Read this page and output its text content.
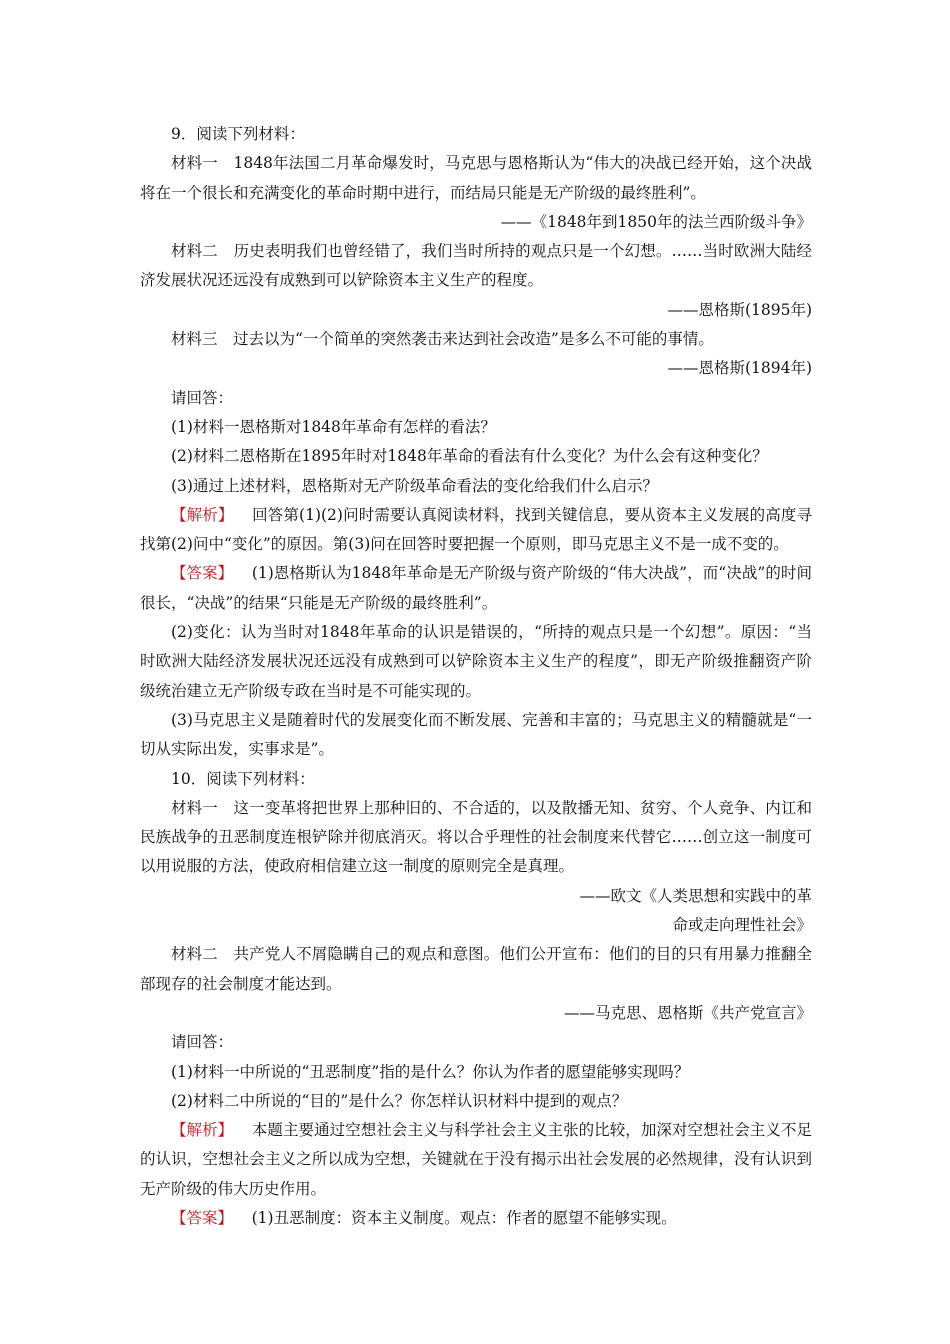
9．阅读下列材料：

材料一　1848年法国二月革命爆发时，马克思与恩格斯认为“伟大的决战已经开始，这个决战将在一个很长和充满变化的革命时期中进行，而结局只能是无产阶级的最终胜利”。

——《1848年到1850年的法兰西阶级斗争》

材料二　历史表明我们也曾经错了，我们当时所持的观点只是一个幻想。……当时欧洲大陆经济发展状况还远没有成熟到可以铲除资本主义生产的程度。

——恩格斯(1895年)

材料三　过去以为“一个简单的突然袭击来达到社会改造”是多么不可能的事情。

——恩格斯(1894年)

请回答：

(1)材料一恩格斯对1848年革命有怎样的看法？

(2)材料二恩格斯在1895年时对1848年革命的看法有什么变化？为什么会有这种变化？

(3)通过上述材料，恩格斯对无产阶级革命看法的变化给我们什么启示？

【解析】 回答第(1)(2)问时需要认真阅读材料，找到关键信息，要从资本主义发展的高度寻找第(2)问中“变化”的原因。第(3)问在回答时要把握一个原则，即马克思主义不是一成不变的。

【答案】 (1)恩格斯认为1848年革命是无产阶级与资产阶级的“伟大决战”，而“决战”的时间很长，“决战”的结果“只能是无产阶级的最终胜利”。

(2)变化：认为当时对1848年革命的认识是错误的，“所持的观点只是一个幻想”。原因：“当时欧洲大陆经济发展状况还远没有成熟到可以铲除资本主义生产的程度”，即无产阶级推翻资产阶级统治建立无产阶级专政在当时是不可能实现的。

(3)马克思主义是随着时代的发展变化而不断发展、完善和丰富的；马克思主义的精髓就是“一切从实际出发，实事求是”。

10．阅读下列材料：

材料一　这一变革将把世界上那种旧的、不合适的，以及散播无知、贫穷、个人竞争、内讧和民族战争的丑恶制度连根铲除并彻底消灭。将以合乎理性的社会制度来代替它……创立这一制度可以用说服的方法，使政府相信建立这一制度的原则完全是真理。

——欧文《人类思想和实践中的革

命或走向理性社会》

材料二　共产党人不屑隐瞒自己的观点和意图。他们公开宣布：他们的目的只有用暴力推翻全部现存的社会制度才能达到。

——马克思、恩格斯《共产党宣言》

请回答：

(1)材料一中所说的“丑恶制度”指的是什么？你认为作者的愿望能够实现吗？

(2)材料二中所说的“目的”是什么？你怎样认识材料中提到的观点？

【解析】 本题主要通过空想社会主义与科学社会主义主张的比较，加深对空想社会主义不足的认识，空想社会主义之所以成为空想，关键就在于没有揭示出社会发展的必然规律，没有认识到无产阶级的伟大历史作用。

【答案】 (1)丑恶制度：资本主义制度。观点：作者的愿望不能够实现。
